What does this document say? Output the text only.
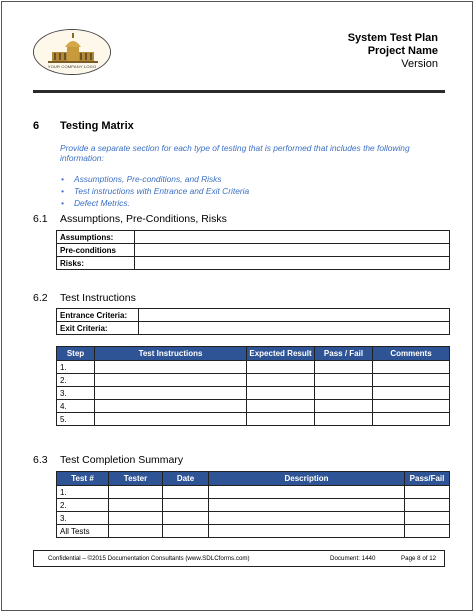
YOUR COMPANY LOGO
System Test Plan
Project Name
Version
6 Testing Matrix
Provide a separate section for each type of testing that is performed that includes the following information:
• Assumptions, Pre-conditions, and Risks
• Test instructions with Entrance and Exit Criteria
• Defect Metrics.
6.1 Assumptions, Pre-Conditions, Risks
Assumptions:	
Pre-conditions	
Risks:	
6.2 Test Instructions
Entrance Criteria:	
Exit Criteria:	
Step	Test Instructions	Expected Result	Pass / Fail	Comments
1.				
2.				
3.				
4.				
5.				
6.3 Test Completion Summary
Test #	Tester	Date	Description	Pass/Fail
1.				
2.				
3.				
All Tests				
Confidential – ©2015 Documentation Consultants (www.SDLCforms.com)	Document: 1440	Page 8 of 12
